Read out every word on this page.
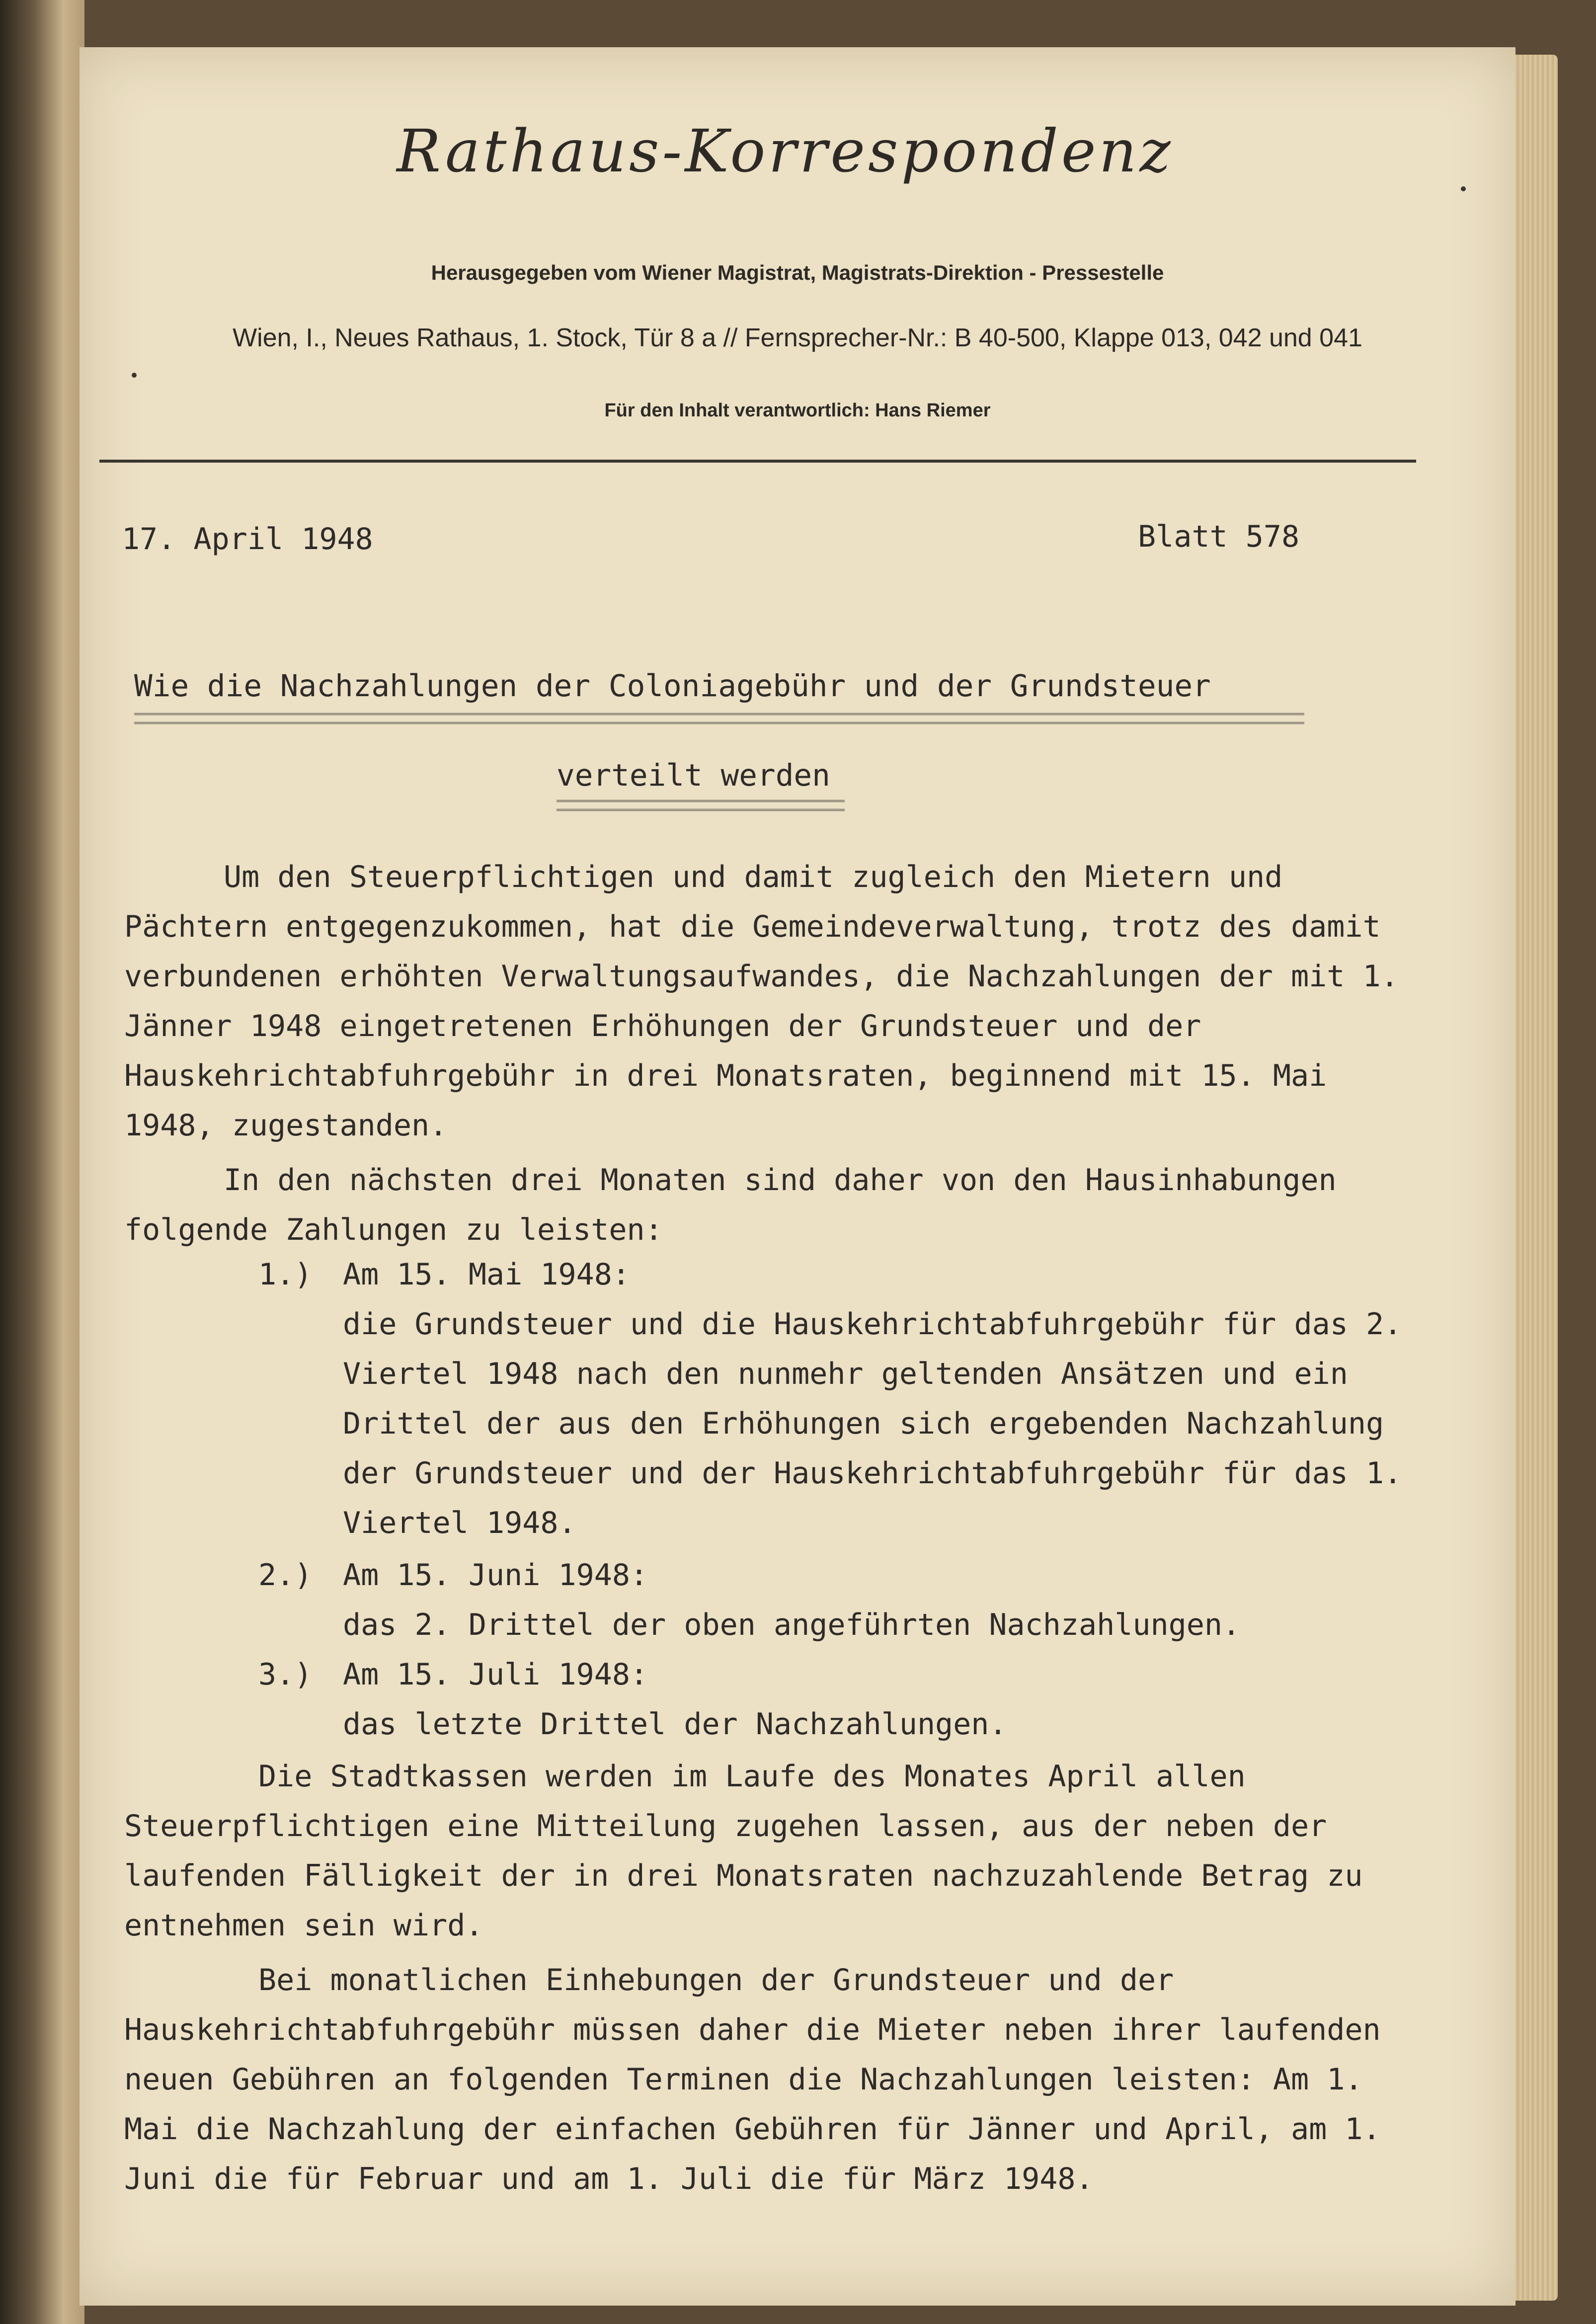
Rathaus-Korrespondenz
Herausgegeben vom Wiener Magistrat, Magistrats-Direktion - Pressestelle
Wien, I., Neues Rathaus, 1. Stock, Tür 8 a // Fernsprecher-Nr.: B 40-500, Klappe 013, 042 und 041
Für den Inhalt verantwortlich: Hans Riemer
17. April 1948	Blatt 578
Wie die Nachzahlungen der Coloniagebühr und der Grundsteuer
verteilt werden
Um den Steuerpflichtigen und damit zugleich den Mietern und Pächtern entgegenzukommen, hat die Gemeindeverwaltung, trotz des damit verbundenen erhöhten Verwaltungsaufwandes, die Nachzahlungen der mit 1. Jänner 1948 eingetretenen Erhöhungen der Grundsteuer und der Hauskehrichtabfuhrgebühr in drei Monatsraten, beginnend mit 15. Mai 1948, zugestanden.
In den nächsten drei Monaten sind daher von den Hausinhabungen folgende Zahlungen zu leisten:
1.) Am 15. Mai 1948:
die Grundsteuer und die Hauskehrichtabfuhrgebühr für das 2. Viertel 1948 nach den nunmehr geltenden Ansätzen und ein Drittel der aus den Erhöhungen sich ergebenden Nachzahlung der Grundsteuer und der Hauskehrichtabfuhrgebühr für das 1. Viertel 1948.
2.) Am 15. Juni 1948:
das 2. Drittel der oben angeführten Nachzahlungen.
3.) Am 15. Juli 1948:
das letzte Drittel der Nachzahlungen.
Die Stadtkassen werden im Laufe des Monates April allen Steuerpflichtigen eine Mitteilung zugehen lassen, aus der neben der laufenden Fälligkeit der in drei Monatsraten nachzuzahlende Betrag zu entnehmen sein wird.
Bei monatlichen Einhebungen der Grundsteuer und der Hauskehrichtabfuhrgebühr müssen daher die Mieter neben ihrer laufenden neuen Gebühren an folgenden Terminen die Nachzahlungen leisten: Am 1. Mai die Nachzahlung der einfachen Gebühren für Jänner und April, am 1. Juni die für Februar und am 1. Juli die für März 1948.
